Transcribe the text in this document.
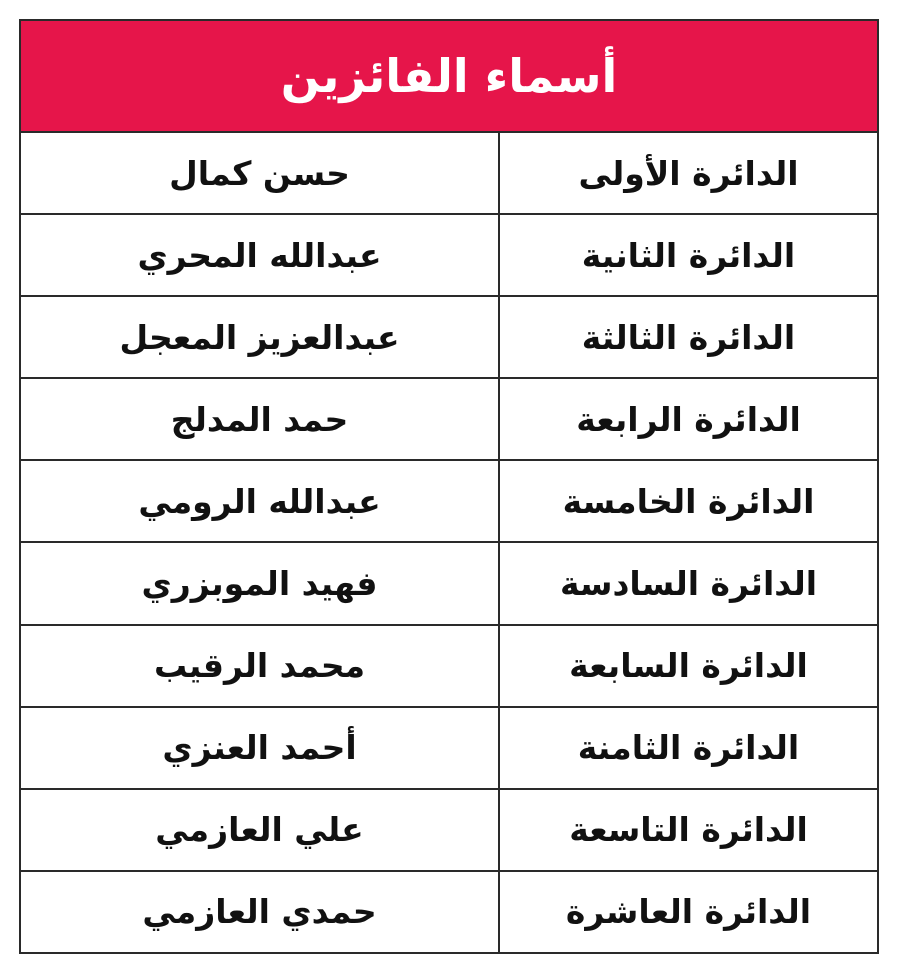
أسماء الفائزين
الدائرة الأولى
حسن كمال
الدائرة الثانية
عبدالله المحري
الدائرة الثالثة
عبدالعزيز المعجل
الدائرة الرابعة
حمد المدلج
الدائرة الخامسة
عبدالله الرومي
الدائرة السادسة
فهيد الموبزري
الدائرة السابعة
محمد الرقيب
الدائرة الثامنة
أحمد العنزي
الدائرة التاسعة
علي العازمي
الدائرة العاشرة
حمدي العازمي
